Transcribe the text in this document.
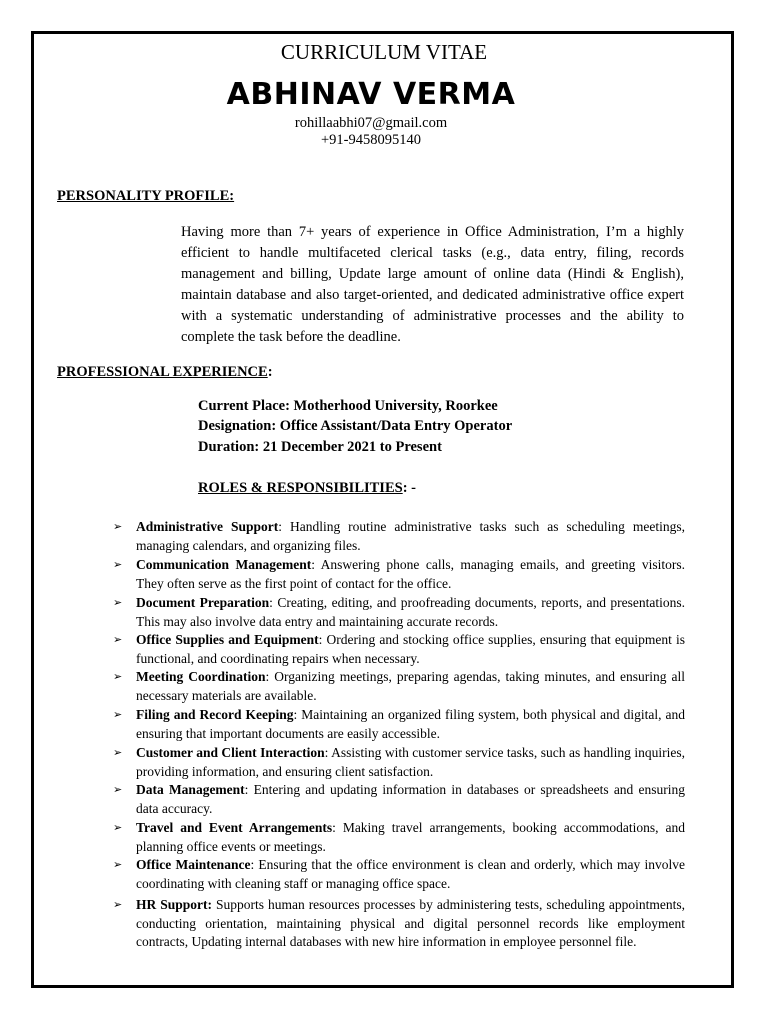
CURRICULUM VITAE
ABHINAV VERMA
rohillaabhi07@gmail.com
+91-9458095140
PERSONALITY PROFILE:
Having more than 7+ years of experience in Office Administration, I’m a highly efficient to handle multifaceted clerical tasks (e.g., data entry, filing, records management and billing, Update large amount of online data (Hindi & English), maintain database and also target-oriented, and dedicated administrative office expert with a systematic understanding of administrative processes and the ability to complete the task before the deadline.
PROFESSIONAL EXPERIENCE:
Current Place: Motherhood University, Roorkee
Designation: Office Assistant/Data Entry Operator
Duration: 21 December 2021 to Present
ROLES & RESPONSIBILITIES: -
➢ Administrative Support: Handling routine administrative tasks such as scheduling meetings, managing calendars, and organizing files.
➢ Communication Management: Answering phone calls, managing emails, and greeting visitors. They often serve as the first point of contact for the office.
➢ Document Preparation: Creating, editing, and proofreading documents, reports, and presentations. This may also involve data entry and maintaining accurate records.
➢ Office Supplies and Equipment: Ordering and stocking office supplies, ensuring that equipment is functional, and coordinating repairs when necessary.
➢ Meeting Coordination: Organizing meetings, preparing agendas, taking minutes, and ensuring all necessary materials are available.
➢ Filing and Record Keeping: Maintaining an organized filing system, both physical and digital, and ensuring that important documents are easily accessible.
➢ Customer and Client Interaction: Assisting with customer service tasks, such as handling inquiries, providing information, and ensuring client satisfaction.
➢ Data Management: Entering and updating information in databases or spreadsheets and ensuring data accuracy.
➢ Travel and Event Arrangements: Making travel arrangements, booking accommodations, and planning office events or meetings.
➢ Office Maintenance: Ensuring that the office environment is clean and orderly, which may involve coordinating with cleaning staff or managing office space.
➢ HR Support: Supports human resources processes by administering tests, scheduling appointments, conducting orientation, maintaining physical and digital personnel records like employment contracts, Updating internal databases with new hire information in employee personnel file.
